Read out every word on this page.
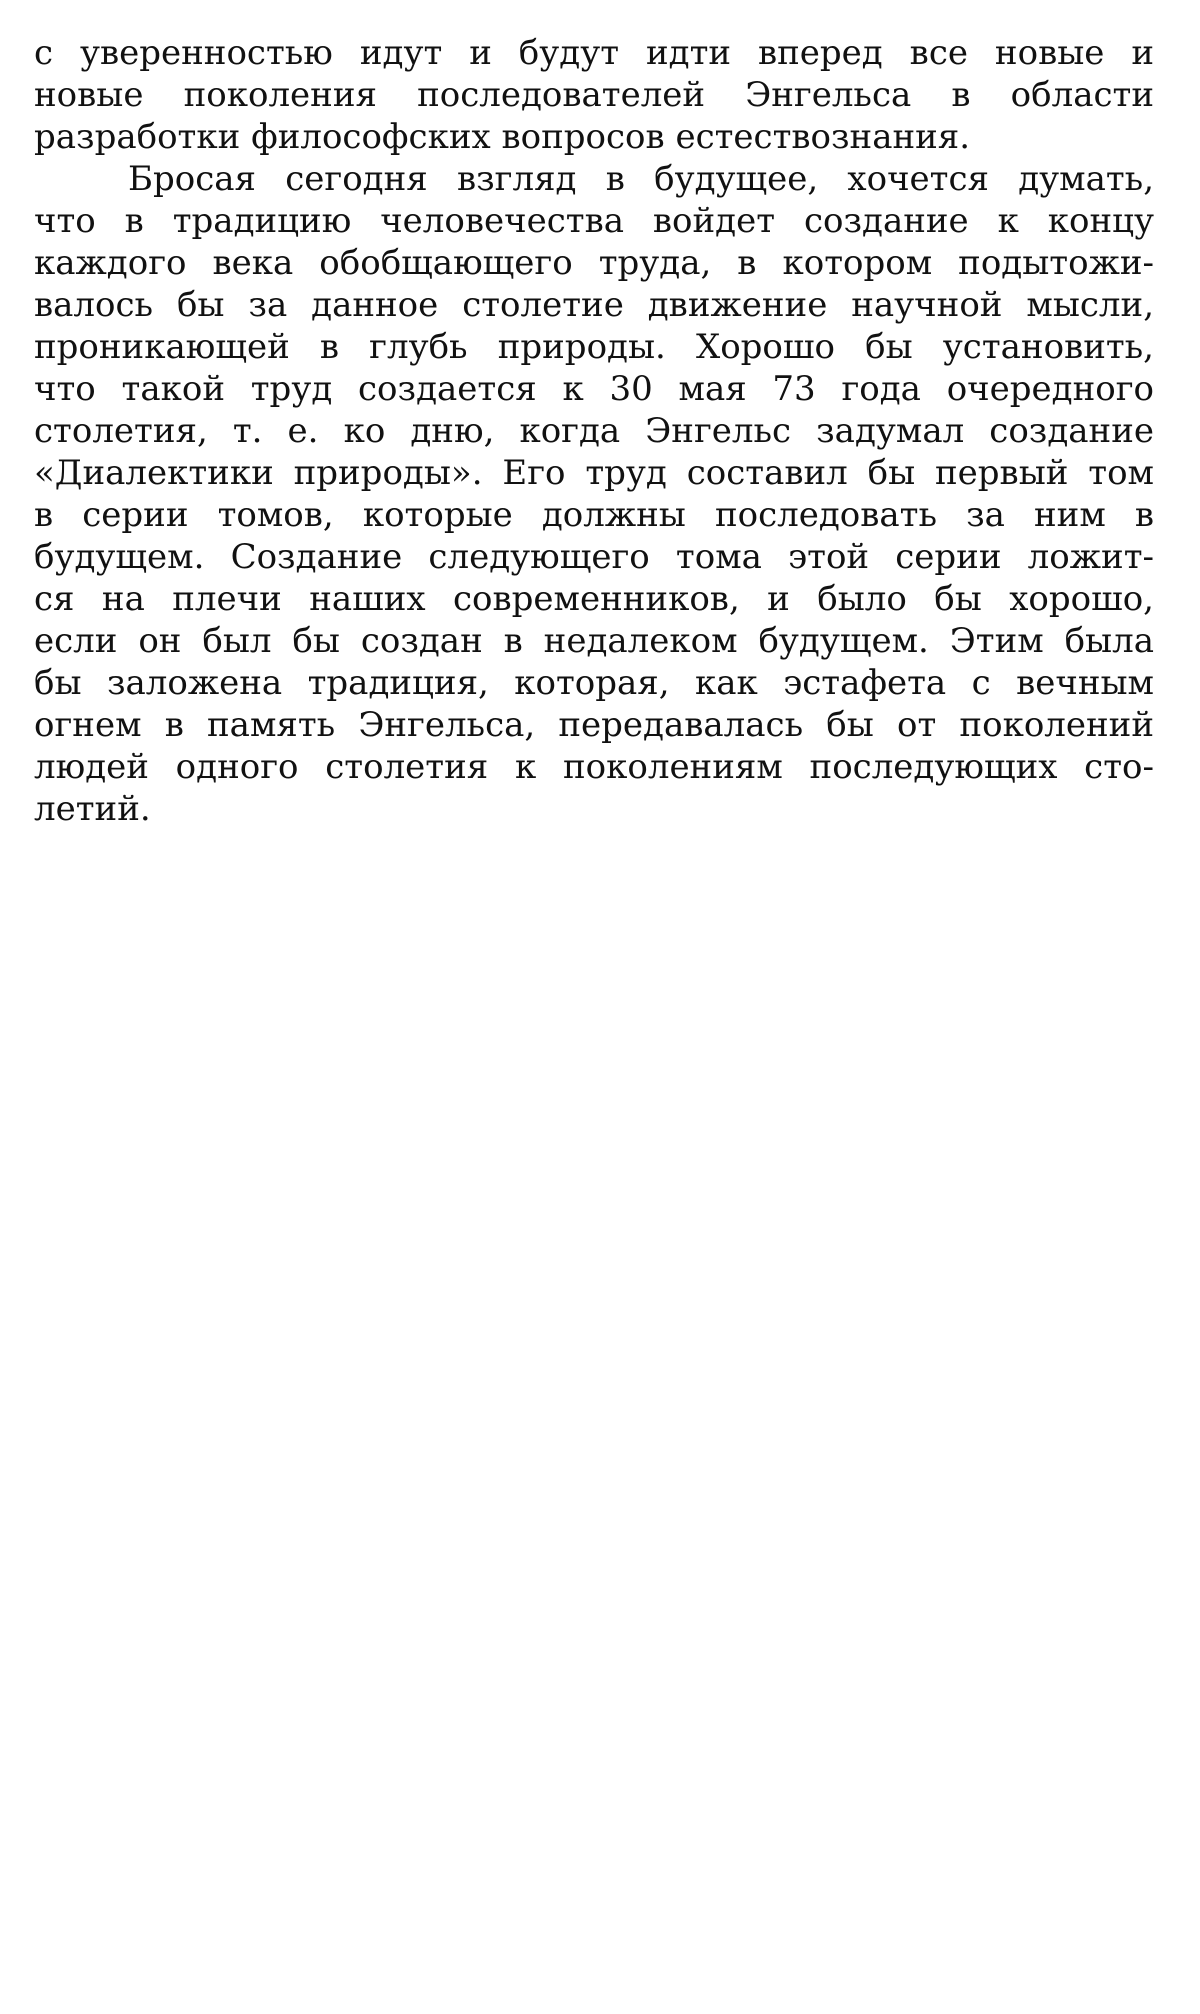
с уверенностью идут и будут идти вперед все новые и
новые поколения последователей Энгельса в области
разработки философских вопросов естествознания.
Бросая сегодня взгляд в будущее, хочется думать,
что в традицию человечества войдет создание к концу
каждого века обобщающего труда, в котором подытожи-
валось бы за данное столетие движение научной мысли,
проникающей в глубь природы. Хорошо бы установить,
что такой труд создается к 30 мая 73 года очередного
столетия, т. е. ко дню, когда Энгельс задумал создание
«Диалектики природы». Его труд составил бы первый том
в серии томов, которые должны последовать за ним в
будущем. Создание следующего тома этой серии ложит-
ся на плечи наших современников, и было бы хорошо,
если он был бы создан в недалеком будущем. Этим была
бы заложена традиция, которая, как эстафета с вечным
огнем в память Энгельса, передавалась бы от поколений
людей одного столетия к поколениям последующих сто-
летий.
